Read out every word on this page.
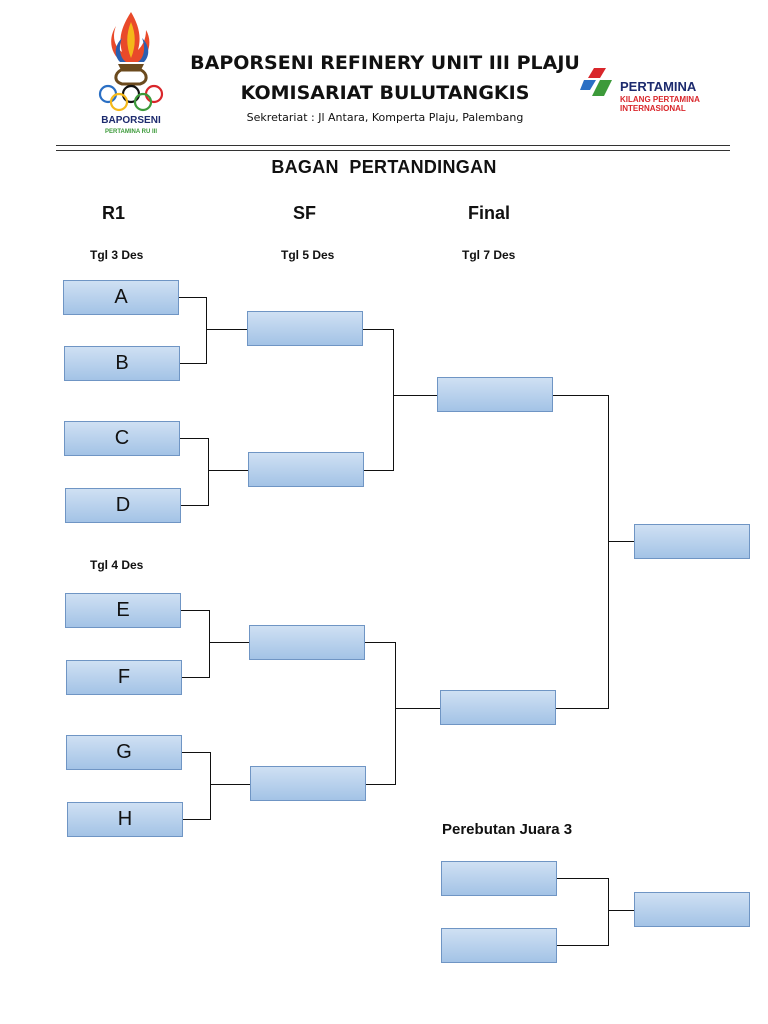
BAPORSENI
PERTAMINA RU III
BAPORSENI REFINERY UNIT III PLAJU
KOMISARIAT BULUTANGKIS
Sekretariat : Jl Antara, Komperta Plaju, Palembang
PERTAMINA
KILANG PERTAMINA
INTERNASIONAL
BAGAN  PERTANDINGAN
R1	SF	Final
Tgl 3 Des	Tgl 5 Des	Tgl 7 Des
Tgl 4 Des
A
B
C
D
E
F
G
H	Perebutan Juara 3
